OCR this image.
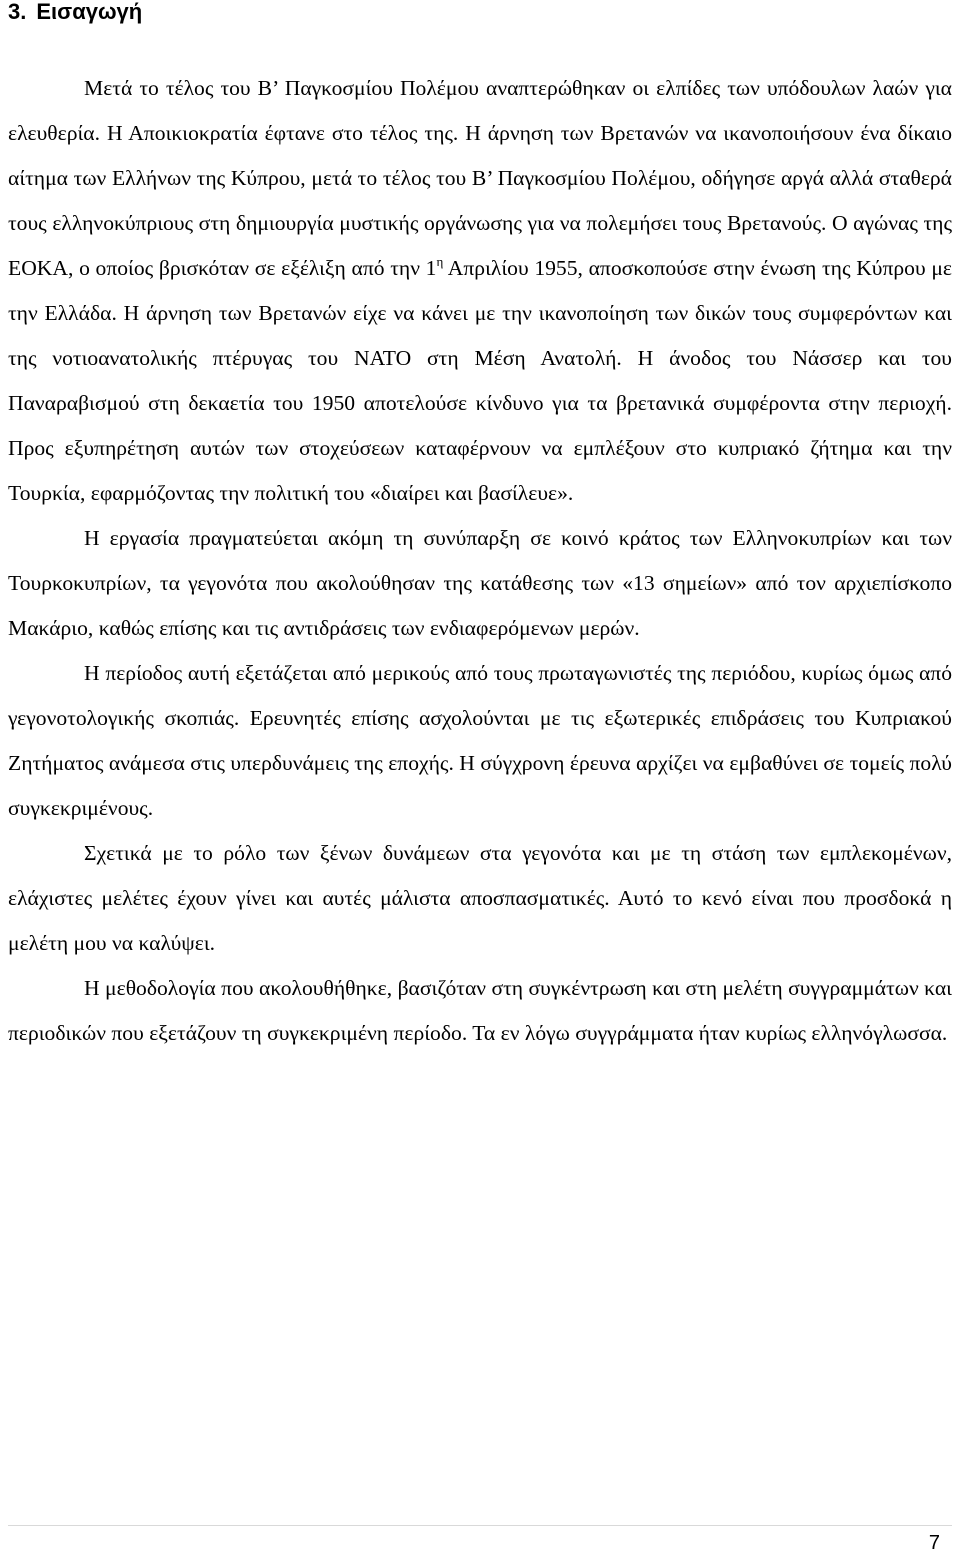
3. Εισαγωγή

Μετά το τέλος του Β’ Παγκοσμίου Πολέμου αναπτερώθηκαν οι ελπίδες των υπόδουλων λαών για ελευθερία. Η Αποικιοκρατία έφτανε στο τέλος της. Η άρνηση των Βρετανών να ικανοποιήσουν ένα δίκαιο αίτημα των Ελλήνων της Κύπρου, μετά το τέλος του Β’ Παγκοσμίου Πολέμου, οδήγησε αργά αλλά σταθερά τους ελληνοκύπριους στη δημιουργία μυστικής οργάνωσης για να πολεμήσει τους Βρετανούς. Ο αγώνας της ΕΟΚΑ, ο οποίος βρισκόταν σε εξέλιξη από την $1^\eta$ Απριλίου 1955, αποσκοπούσε στην ένωση της Κύπρου με την Ελλάδα. Η άρνηση των Βρετανών είχε να κάνει με την ικανοποίηση των δικών τους συμφερόντων και της νοτιοανατολικής πτέρυγας του ΝΑΤΟ στη Μέση Ανατολή. Η άνοδος του Νάσσερ και του Παναραβισμού στη δεκαετία του 1950 αποτελούσε κίνδυνο για τα βρετανικά συμφέροντα στην περιοχή. Προς εξυπηρέτηση αυτών των στοχεύσεων καταφέρνουν να εμπλέξουν στο κυπριακό ζήτημα και την Τουρκία, εφαρμόζοντας την πολιτική του «διαίρει και βασίλευε».

Η εργασία πραγματεύεται ακόμη τη συνύπαρξη σε κοινό κράτος των Ελληνοκυπρίων και των Τουρκοκυπρίων, τα γεγονότα που ακολούθησαν της κατάθεσης των «13 σημείων» από τον αρχιεπίσκοπο Μακάριο, καθώς επίσης και τις αντιδράσεις των ενδιαφερόμενων μερών.

Η περίοδος αυτή εξετάζεται από μερικούς από τους πρωταγωνιστές της περιόδου, κυρίως όμως από γεγονοτολογικής σκοπιάς. Ερευνητές επίσης ασχολούνται με τις εξωτερικές επιδράσεις του Κυπριακού Ζητήματος ανάμεσα στις υπερδυνάμεις της εποχής. Η σύγχρονη έρευνα αρχίζει να εμβαθύνει σε τομείς πολύ συγκεκριμένους.

Σχετικά με το ρόλο των ξένων δυνάμεων στα γεγονότα και με τη στάση των εμπλεκομένων, ελάχιστες μελέτες έχουν γίνει και αυτές μάλιστα αποσπασματικές. Αυτό το κενό είναι που προσδοκά η μελέτη μου να καλύψει.

Η μεθοδολογία που ακολουθήθηκε, βασιζόταν στη συγκέντρωση και στη μελέτη συγγραμμάτων και περιοδικών που εξετάζουν τη συγκεκριμένη περίοδο. Τα εν λόγω συγγράμματα ήταν κυρίως ελληνόγλωσσα.

7
